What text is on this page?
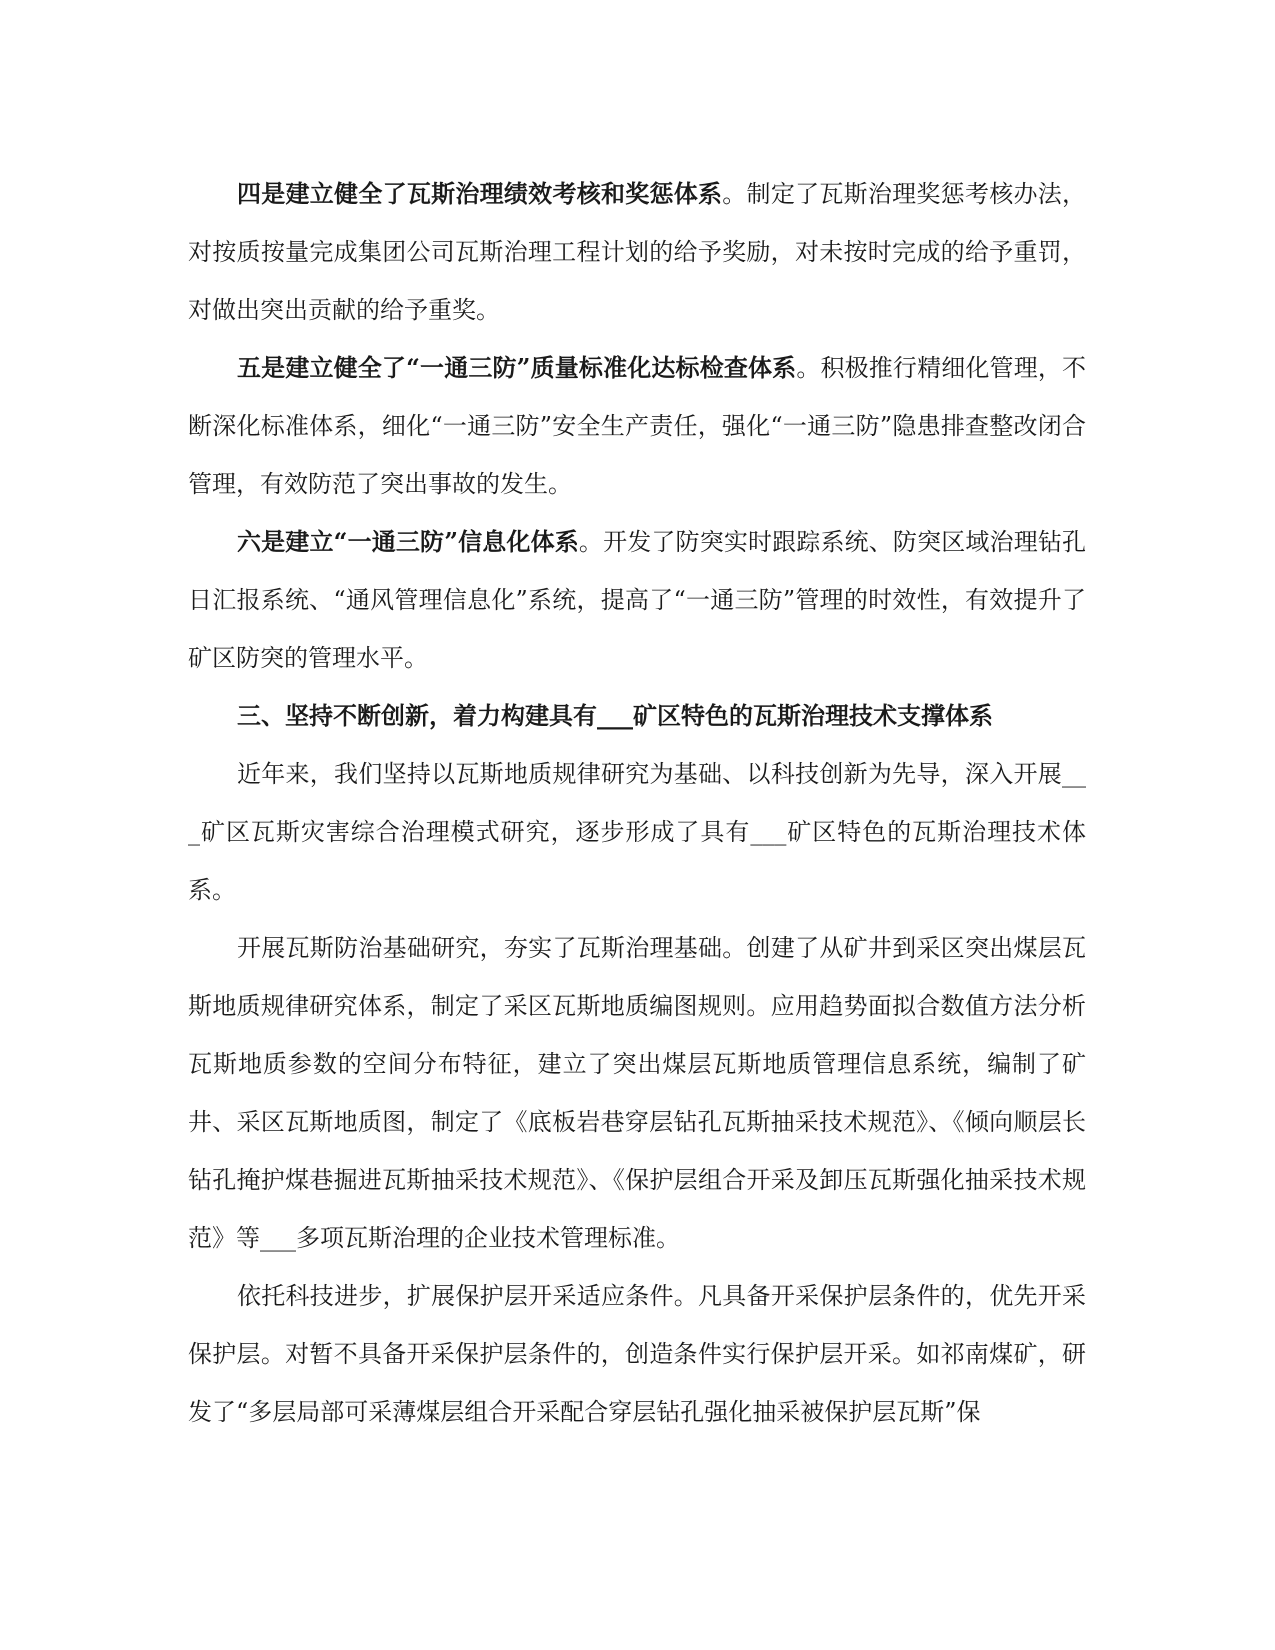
四是建立健全了瓦斯治理绩效考核和奖惩体系。制定了瓦斯治理奖惩考核办法，对按质按量完成集团公司瓦斯治理工程计划的给予奖励，对未按时完成的给予重罚，对做出突出贡献的给予重奖。

五是建立健全了“一通三防”质量标准化达标检查体系。积极推行精细化管理，不断深化标准体系，细化“一通三防”安全生产责任，强化“一通三防”隐患排查整改闭合管理，有效防范了突出事故的发生。

六是建立“一通三防”信息化体系。开发了防突实时跟踪系统、防突区域治理钻孔日汇报系统、“通风管理信息化”系统，提高了“一通三防”管理的时效性，有效提升了矿区防突的管理水平。

三、坚持不断创新，着力构建具有___矿区特色的瓦斯治理技术支撑体系

近年来，我们坚持以瓦斯地质规律研究为基础、以科技创新为先导，深入开展___矿区瓦斯灾害综合治理模式研究，逐步形成了具有___矿区特色的瓦斯治理技术体系。

开展瓦斯防治基础研究，夯实了瓦斯治理基础。创建了从矿井到采区突出煤层瓦斯地质规律研究体系，制定了采区瓦斯地质编图规则。应用趋势面拟合数值方法分析瓦斯地质参数的空间分布特征，建立了突出煤层瓦斯地质管理信息系统，编制了矿井、采区瓦斯地质图，制定了《底板岩巷穿层钻孔瓦斯抽采技术规范》、《倾向顺层长钻孔掩护煤巷掘进瓦斯抽采技术规范》、《保护层组合开采及卸压瓦斯强化抽采技术规范》等___多项瓦斯治理的企业技术管理标准。

依托科技进步，扩展保护层开采适应条件。凡具备开采保护层条件的，优先开采保护层。对暂不具备开采保护层条件的，创造条件实行保护层开采。如祁南煤矿，研发了“多层局部可采薄煤层组合开采配合穿层钻孔强化抽采被保护层瓦斯”保
